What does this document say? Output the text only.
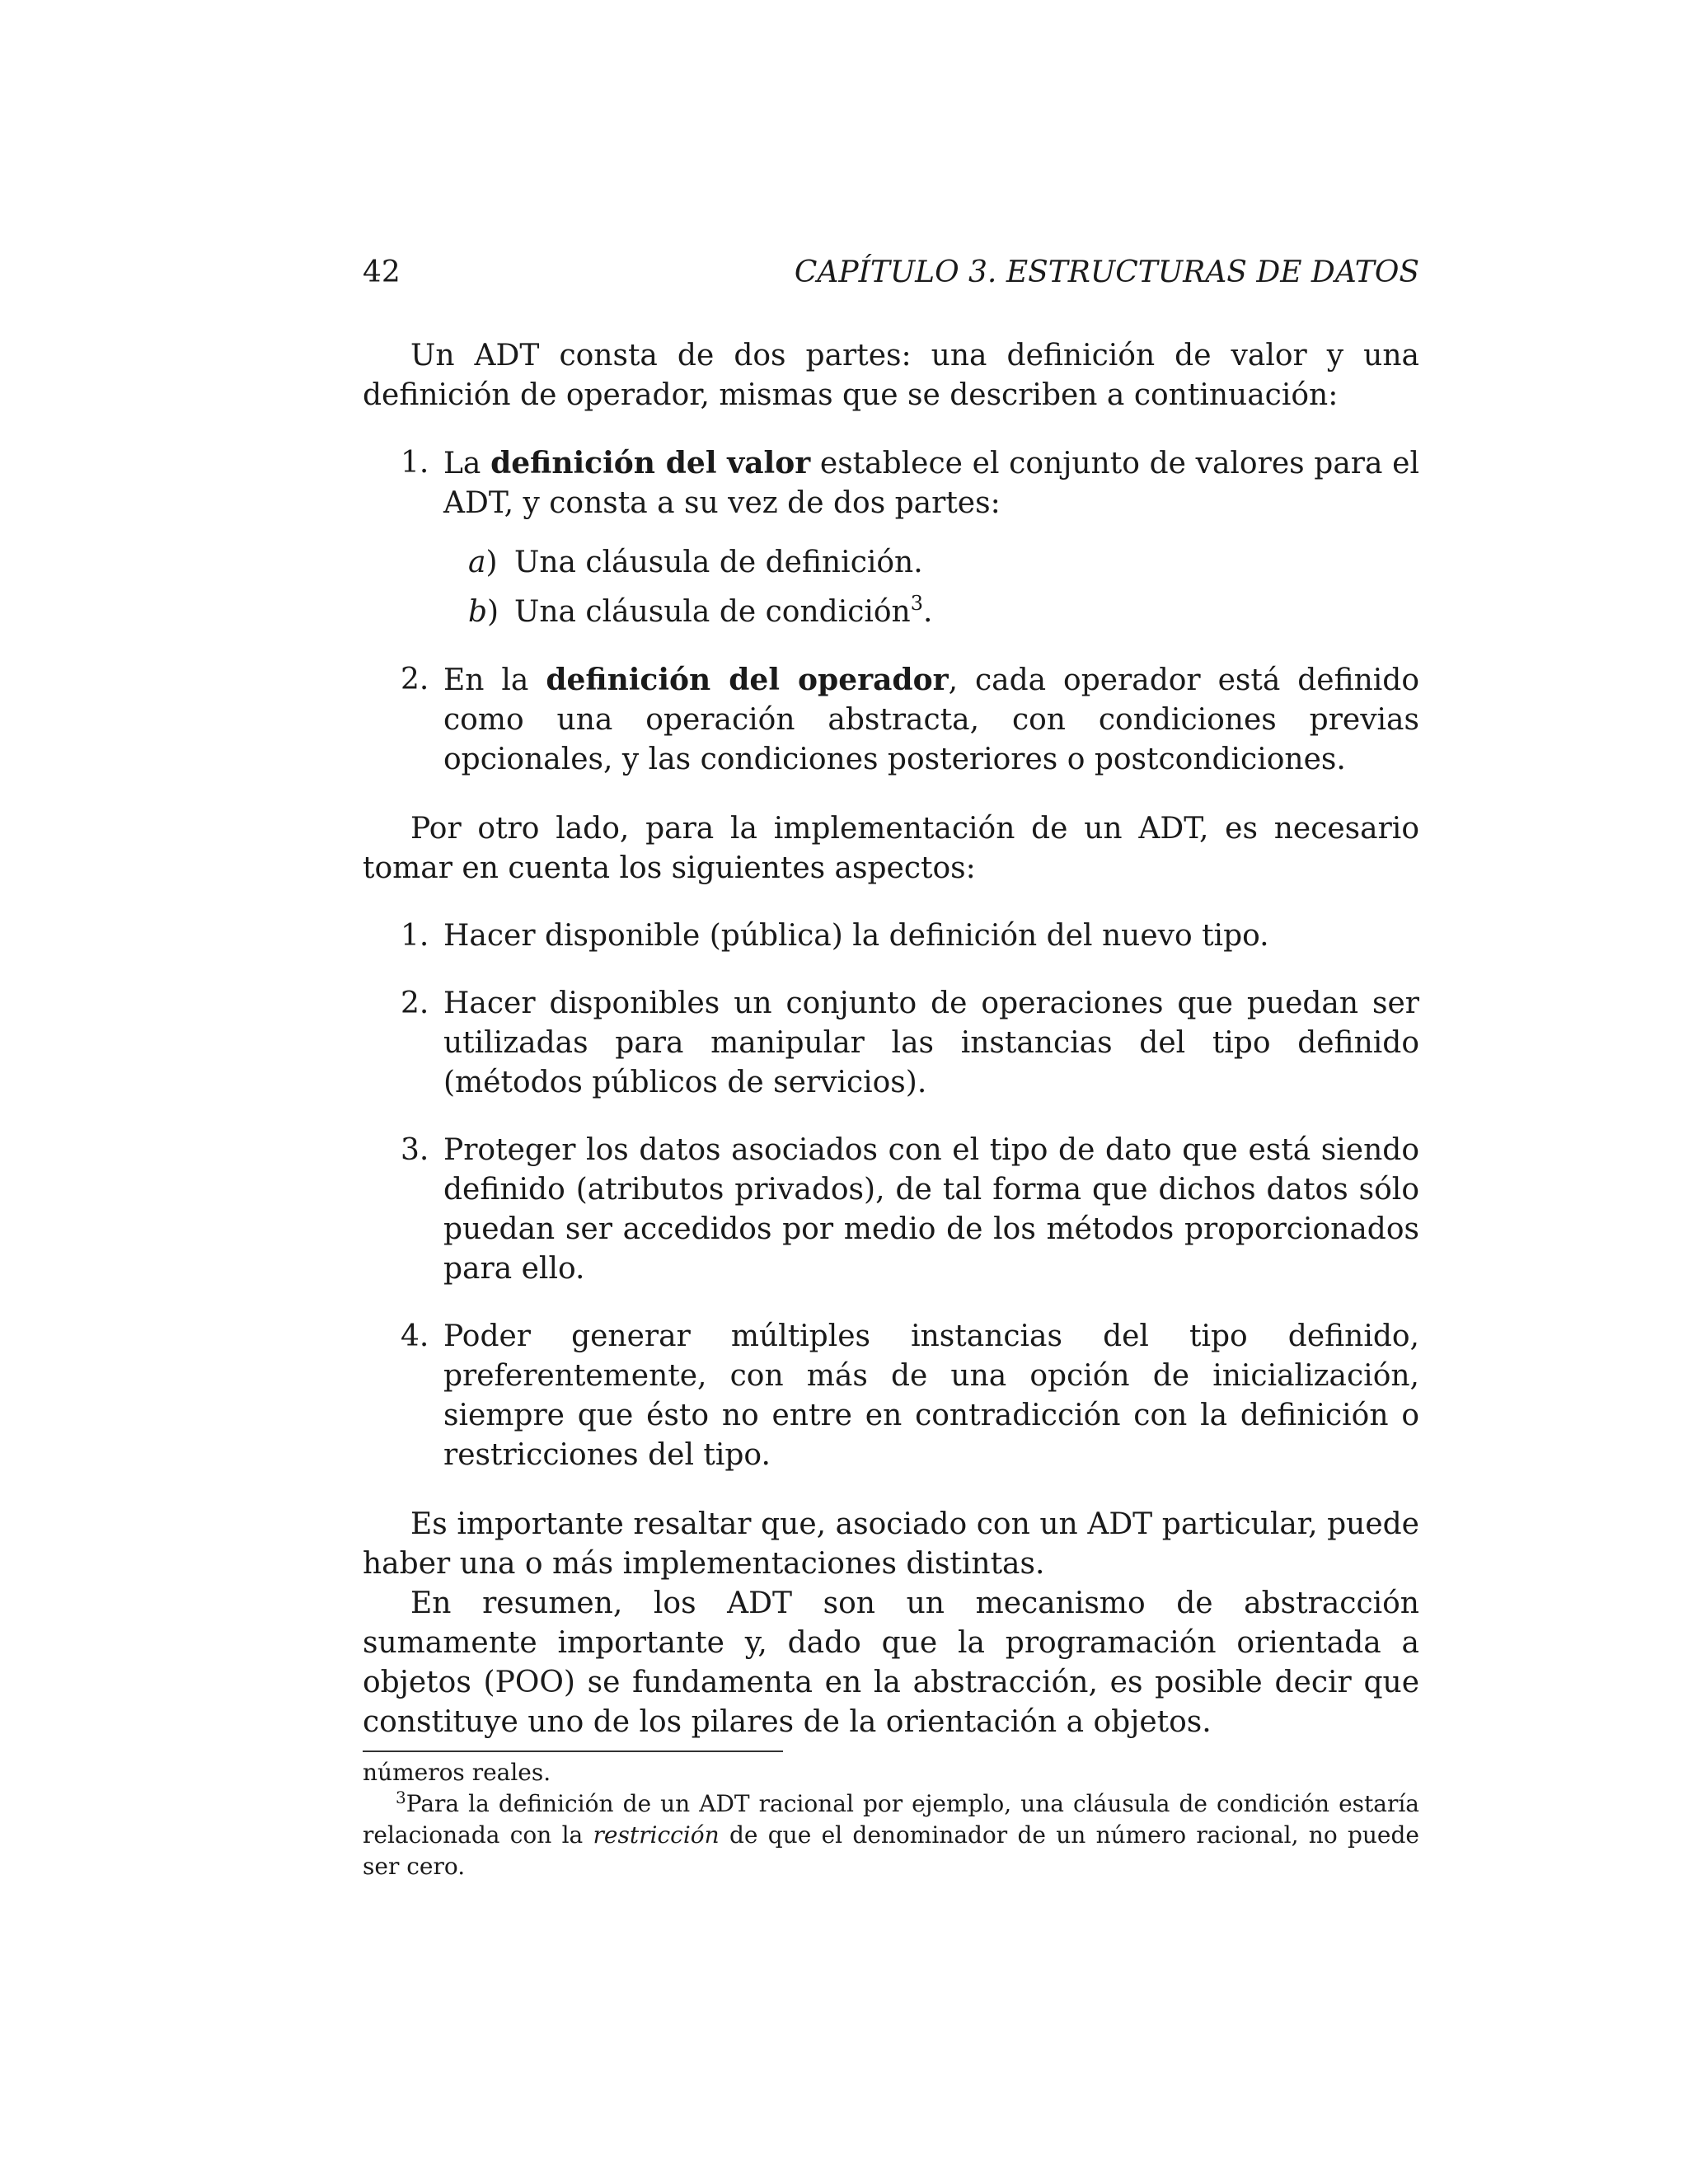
42	CAPÍTULO 3. ESTRUCTURAS DE DATOS

Un ADT consta de dos partes: una definición de valor y una definición de operador, mismas que se describen a continuación:

1. La definición del valor establece el conjunto de valores para el ADT, y consta a su vez de dos partes:
a) Una cláusula de definición.
b) Una cláusula de condición$^3$.
2. En la definición del operador, cada operador está definido como una operación abstracta, con condiciones previas opcionales, y las condiciones posteriores o postcondiciones.

Por otro lado, para la implementación de un ADT, es necesario tomar en cuenta los siguientes aspectos:

1. Hacer disponible (pública) la definición del nuevo tipo.
2. Hacer disponibles un conjunto de operaciones que puedan ser utilizadas para manipular las instancias del tipo definido (métodos públicos de servicios).
3. Proteger los datos asociados con el tipo de dato que está siendo definido (atributos privados), de tal forma que dichos datos sólo puedan ser accedidos por medio de los métodos proporcionados para ello.
4. Poder generar múltiples instancias del tipo definido, preferentemente, con más de una opción de inicialización, siempre que ésto no entre en contradicción con la definición o restricciones del tipo.

Es importante resaltar que, asociado con un ADT particular, puede haber una o más implementaciones distintas.

En resumen, los ADT son un mecanismo de abstracción sumamente importante y, dado que la programación orientada a objetos (POO) se fundamenta en la abstracción, es posible decir que constituye uno de los pilares de la orientación a objetos.

números reales.

$^3$Para la definición de un ADT racional por ejemplo, una cláusula de condición estaría relacionada con la restricción de que el denominador de un número racional, no puede ser cero.
